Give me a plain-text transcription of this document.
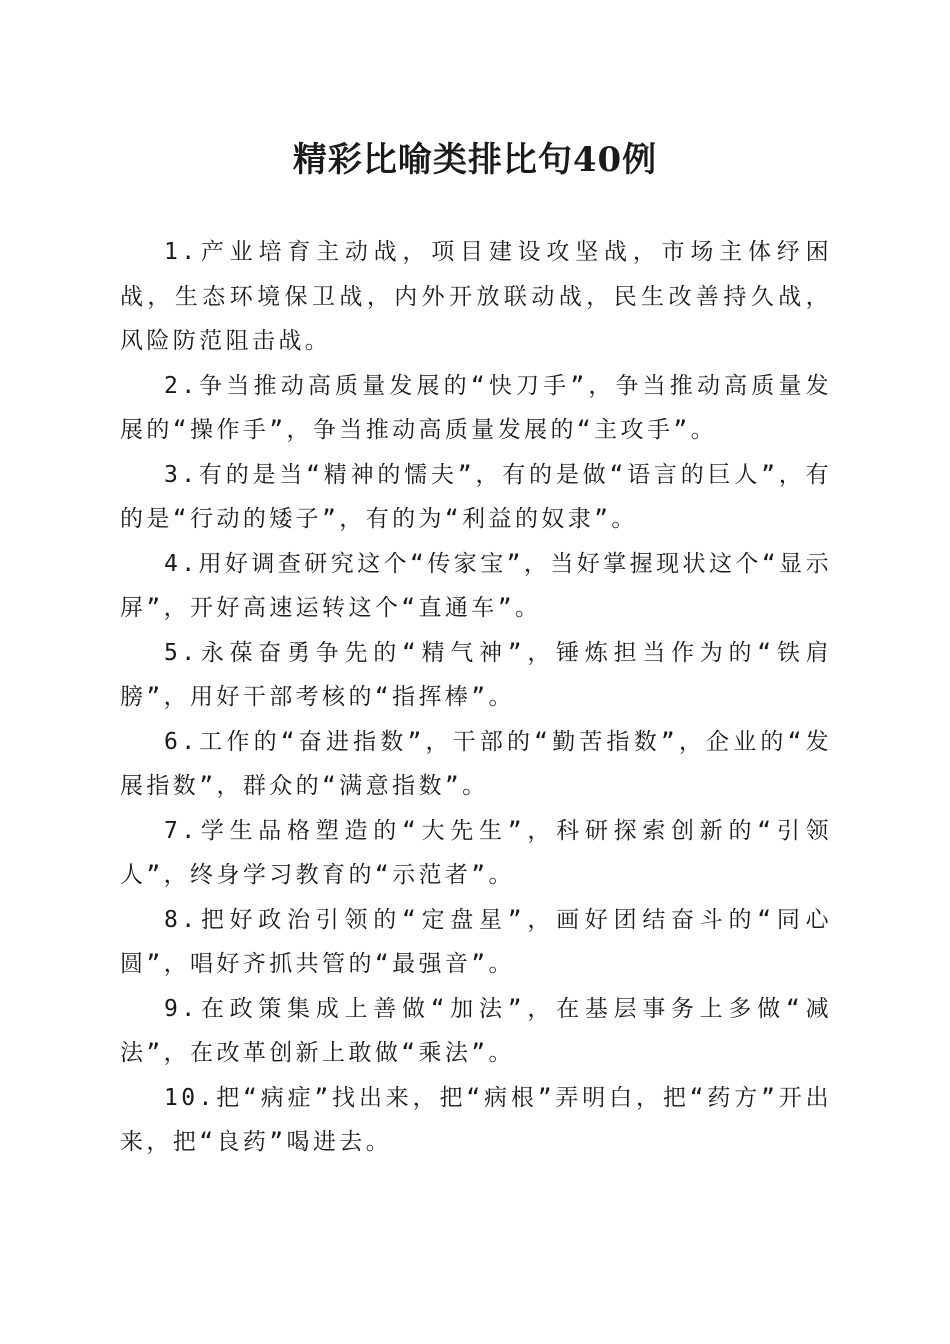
精彩比喻类排比句40例
1.产业培育主动战，项目建设攻坚战，市场主体纾困战，生态环境保卫战，内外开放联动战，民生改善持久战，风险防范阻击战。
2.争当推动高质量发展的“快刀手”，争当推动高质量发展的“操作手”，争当推动高质量发展的“主攻手”。
3.有的是当“精神的懦夫”，有的是做“语言的巨人”，有的是“行动的矮子”，有的为“利益的奴隶”。
4.用好调查研究这个“传家宝”，当好掌握现状这个“显示屏”，开好高速运转这个“直通车”。
5.永葆奋勇争先的“精气神”，锤炼担当作为的“铁肩膀”，用好干部考核的“指挥棒”。
6.工作的“奋进指数”，干部的“勤苦指数”，企业的“发展指数”，群众的“满意指数”。
7.学生品格塑造的“大先生”，科研探索创新的“引领人”，终身学习教育的“示范者”。
8.把好政治引领的“定盘星”，画好团结奋斗的“同心圆”，唱好齐抓共管的“最强音”。
9.在政策集成上善做“加法”，在基层事务上多做“减法”，在改革创新上敢做“乘法”。
10.把“病症”找出来，把“病根”弄明白，把“药方”开出来，把“良药”喝进去。
